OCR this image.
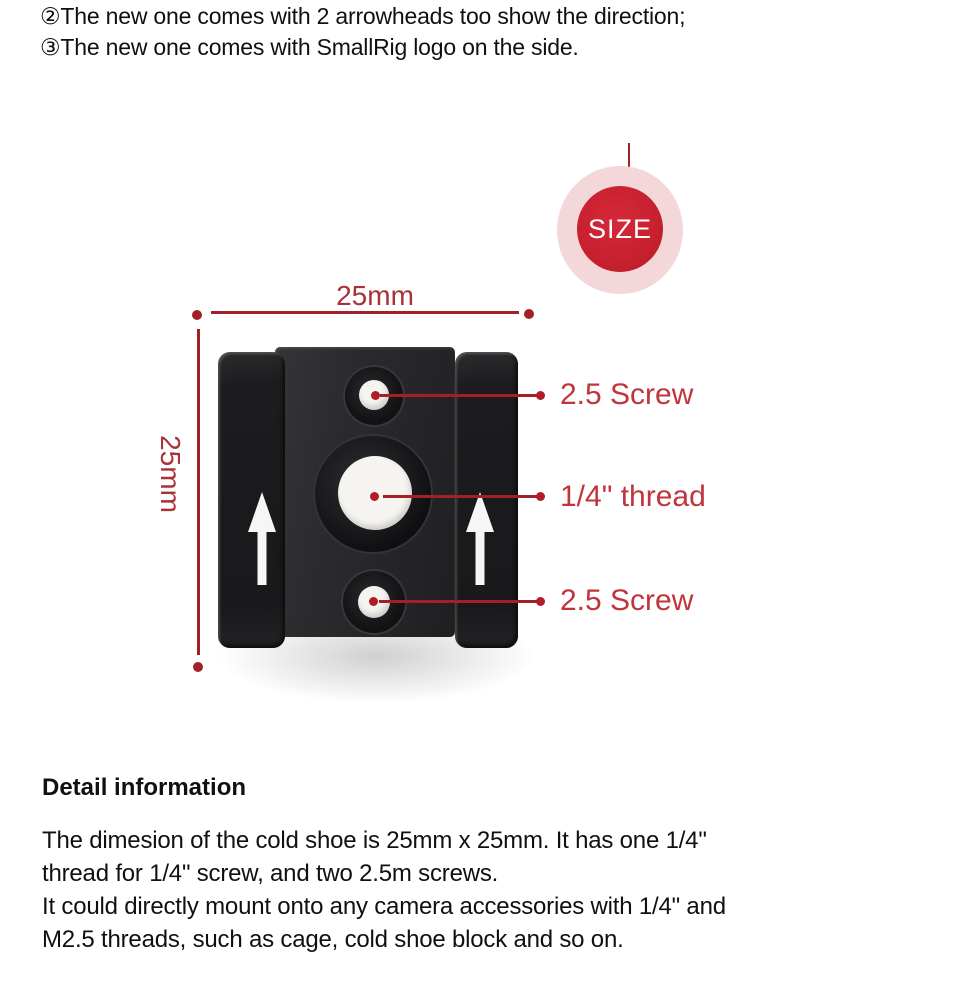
②The new one comes with 2 arrowheads too show the direction;
③The new one comes with SmallRig logo on the side.
SIZE
25mm
25mm
2.5 Screw
1/4" thread
2.5 Screw
Detail information
The dimesion of the cold shoe is 25mm x 25mm. It has one 1/4"
thread for 1/4" screw, and two 2.5m screws.
It could directly mount onto any camera accessories with 1/4" and
M2.5 threads, such as cage, cold shoe block and so on.
